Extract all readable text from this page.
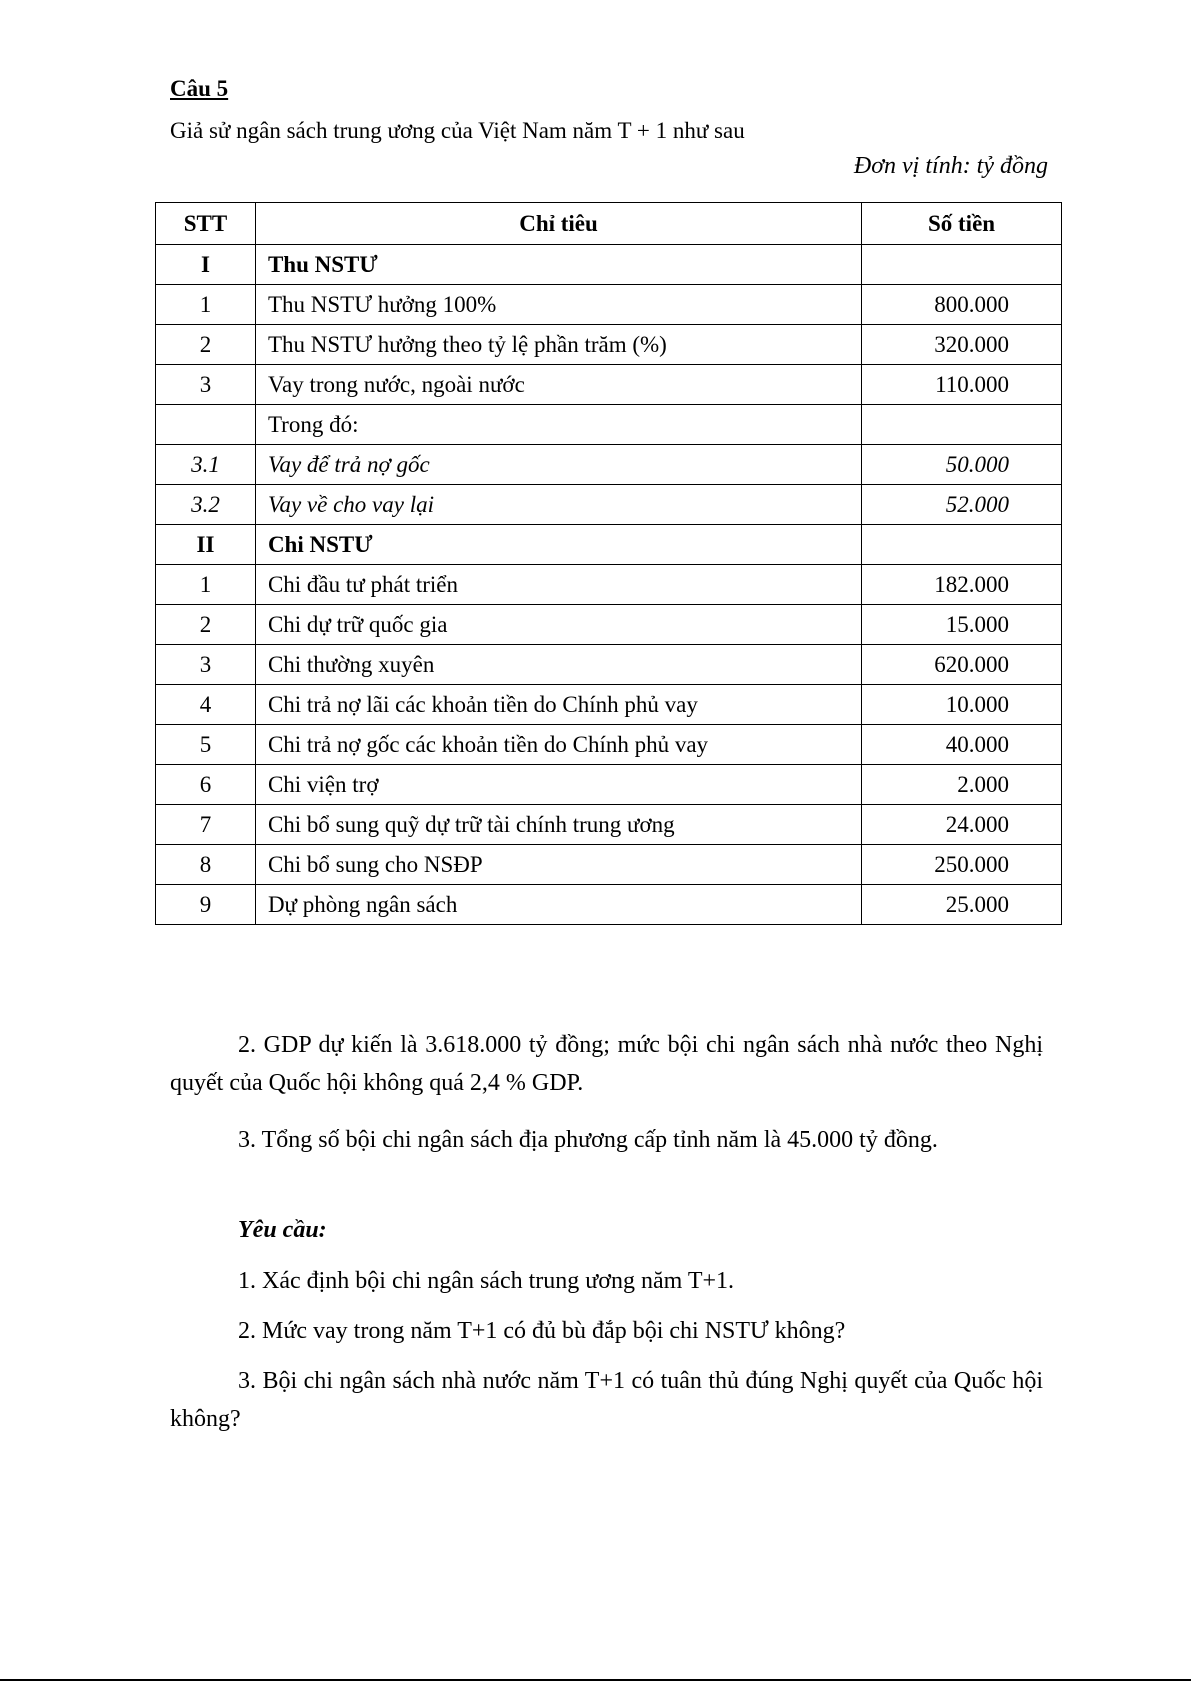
Câu 5
Giả sử ngân sách trung ương của Việt Nam năm T + 1 như sau
Đơn vị tính: tỷ đồng
STT	Chỉ tiêu	Số tiền
I	Thu NSTƯ	
1	Thu NSTƯ hưởng 100%	800.000
2	Thu NSTƯ hưởng theo tỷ lệ phần trăm (%)	320.000
3	Vay trong nước, ngoài nước	110.000
	Trong đó:	
3.1	Vay để trả nợ gốc	50.000
3.2	Vay về cho vay lại	52.000
II	Chi NSTƯ	
1	Chi đầu tư phát triển	182.000
2	Chi dự trữ quốc gia	15.000
3	Chi thường xuyên	620.000
4	Chi trả nợ lãi các khoản tiền do Chính phủ vay	10.000
5	Chi trả nợ gốc các khoản tiền do Chính phủ vay	40.000
6	Chi viện trợ	2.000
7	Chi bổ sung quỹ dự trữ tài chính trung ương	24.000
8	Chi bổ sung cho NSĐP	250.000
9	Dự phòng ngân sách	25.000

2. GDP dự kiến là 3.618.000 tỷ đồng; mức bội chi ngân sách nhà nước theo Nghị quyết của Quốc hội không quá 2,4 % GDP.

3. Tổng số bội chi ngân sách địa phương cấp tỉnh năm là 45.000 tỷ đồng.

Yêu cầu:

1. Xác định bội chi ngân sách trung ương năm T+1.

2. Mức vay trong năm T+1 có đủ bù đắp bội chi NSTƯ không?

3. Bội chi ngân sách nhà nước năm T+1 có tuân thủ đúng Nghị quyết của Quốc hội không?
